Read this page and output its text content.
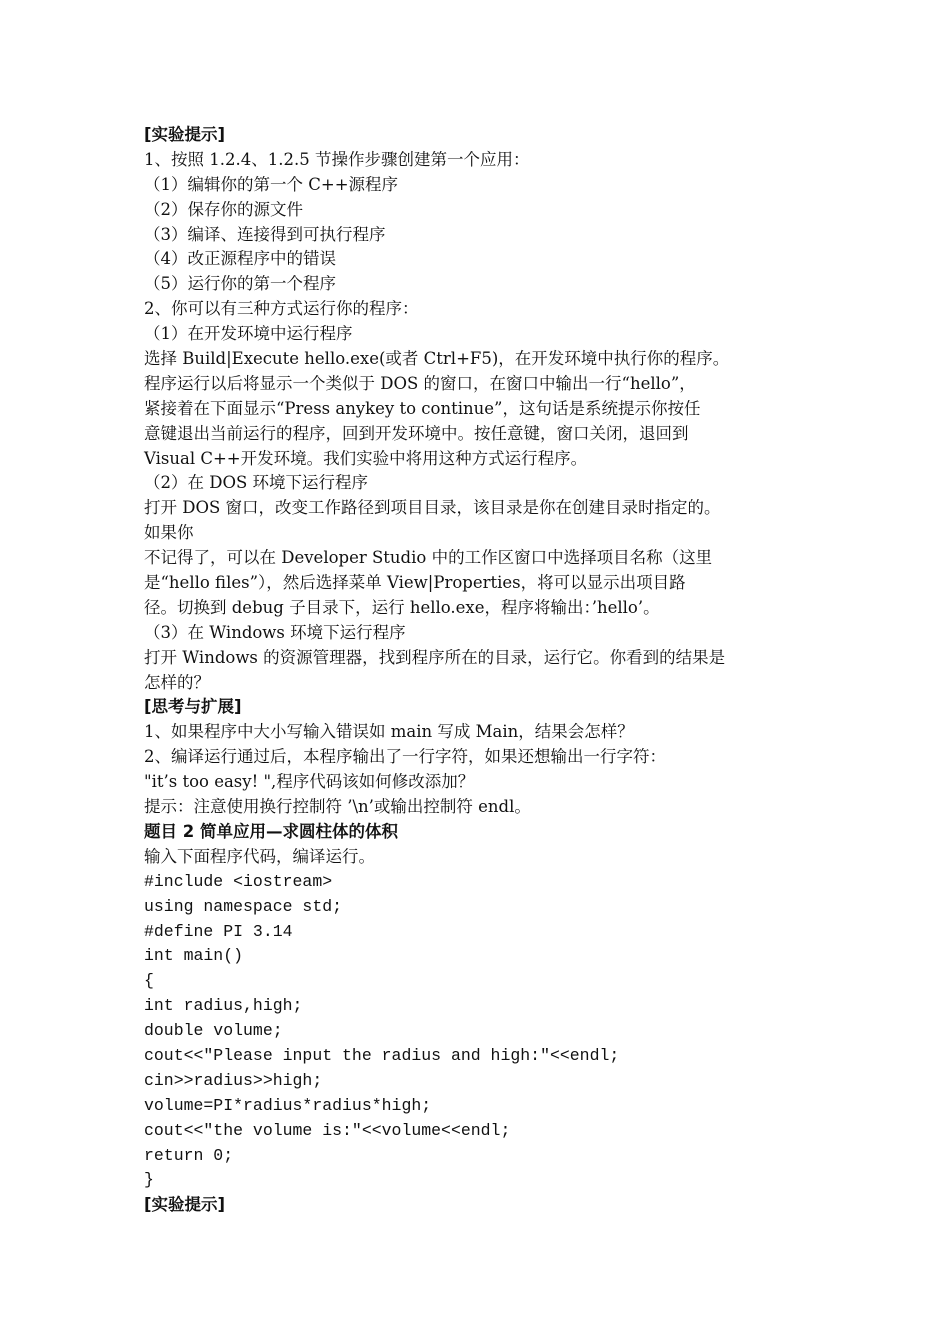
[实验提示]
1、按照 1.2.4、1.2.5 节操作步骤创建第一个应用：
（1）编辑你的第一个 C++源程序
（2）保存你的源文件
（3）编译、连接得到可执行程序
（4）改正源程序中的错误
（5）运行你的第一个程序
2、你可以有三种方式运行你的程序：
（1）在开发环境中运行程序
选择 Build|Execute hello.exe(或者 Ctrl+F5)，在开发环境中执行你的程序。
程序运行以后将显示一个类似于 DOS 的窗口，在窗口中输出一行“hello”，
紧接着在下面显示“Press anykey to continue”，这句话是系统提示你按任
意键退出当前运行的程序，回到开发环境中。按任意键，窗口关闭，退回到
Visual C++开发环境。我们实验中将用这种方式运行程序。
（2）在 DOS 环境下运行程序
打开 DOS 窗口，改变工作路径到项目目录，该目录是你在创建目录时指定的。
如果你
不记得了，可以在 Developer Studio 中的工作区窗口中选择项目名称（这里
是“hello files”），然后选择菜单 View|Properties，将可以显示出项目路
径。切换到 debug 子目录下，运行 hello.exe，程序将输出：’hello’。
（3）在 Windows 环境下运行程序
打开 Windows 的资源管理器，找到程序所在的目录，运行它。你看到的结果是
怎样的？
[思考与扩展]
1、如果程序中大小写输入错误如 main 写成 Main，结果会怎样？
2、编译运行通过后，本程序输出了一行字符，如果还想输出一行字符：
"it’s too easy! ",程序代码该如何修改添加？
提示：注意使用换行控制符 ’\n’或输出控制符 endl。
题目 2 简单应用—求圆柱体的体积
输入下面程序代码，编译运行。
#include <iostream>
using namespace std;
#define PI 3.14
int main()
{
int radius,high;
double volume;
cout<<"Please input the radius and high:"<<endl;
cin>>radius>>high;
volume=PI*radius*radius*high;
cout<<"the volume is:"<<volume<<endl;
return 0;
}
[实验提示]
